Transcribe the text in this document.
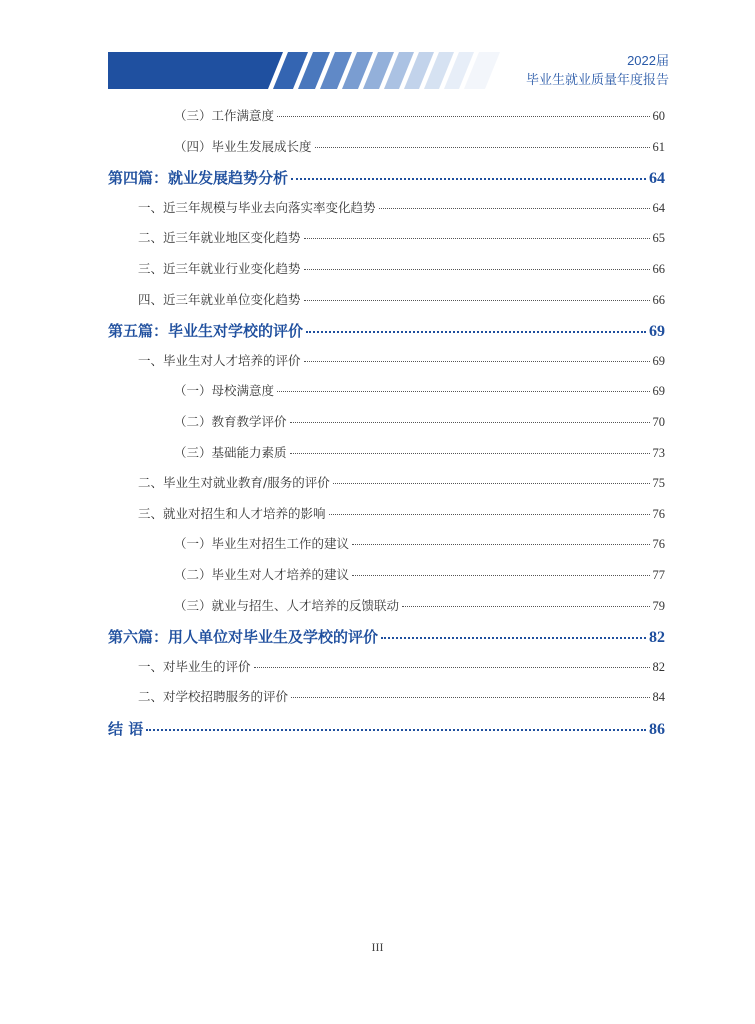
2022届
毕业生就业质量年度报告
（三）工作满意度	60
（四）毕业生发展成长度	61
第四篇：就业发展趋势分析	64
一、近三年规模与毕业去向落实率变化趋势	64
二、近三年就业地区变化趋势	65
三、近三年就业行业变化趋势	66
四、近三年就业单位变化趋势	66
第五篇：毕业生对学校的评价	69
一、毕业生对人才培养的评价	69
（一）母校满意度	69
（二）教育教学评价	70
（三）基础能力素质	73
二、毕业生对就业教育/服务的评价	75
三、就业对招生和人才培养的影响	76
（一）毕业生对招生工作的建议	76
（二）毕业生对人才培养的建议	77
（三）就业与招生、人才培养的反馈联动	79
第六篇：用人单位对毕业生及学校的评价	82
一、对毕业生的评价	82
二、对学校招聘服务的评价	84
结 语	86
III
